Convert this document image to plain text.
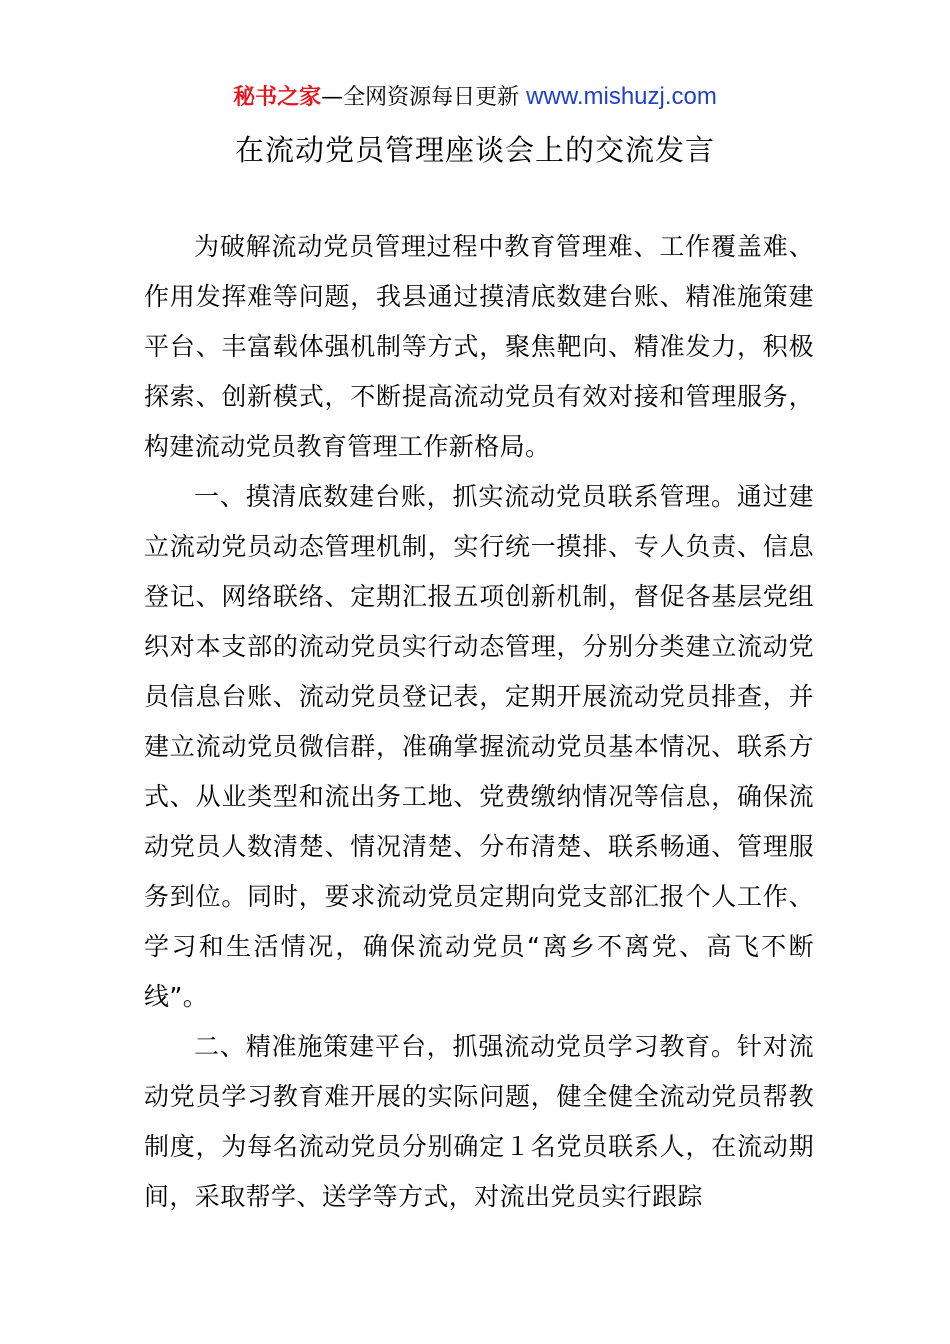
秘书之家—全网资源每日更新 www.mishuzj.com
在流动党员管理座谈会上的交流发言

为破解流动党员管理过程中教育管理难、工作覆盖难、作用发挥难等问题，我县通过摸清底数建台账、精准施策建平台、丰富载体强机制等方式，聚焦靶向、精准发力，积极探索、创新模式，不断提高流动党员有效对接和管理服务，构建流动党员教育管理工作新格局。

一、摸清底数建台账，抓实流动党员联系管理。通过建立流动党员动态管理机制，实行统一摸排、专人负责、信息登记、网络联络、定期汇报五项创新机制，督促各基层党组织对本支部的流动党员实行动态管理，分别分类建立流动党员信息台账、流动党员登记表，定期开展流动党员排查，并建立流动党员微信群，准确掌握流动党员基本情况、联系方式、从业类型和流出务工地、党费缴纳情况等信息，确保流动党员人数清楚、情况清楚、分布清楚、联系畅通、管理服务到位。同时，要求流动党员定期向党支部汇报个人工作、学习和生活情况，确保流动党员“离乡不离党、高飞不断线”。

二、精准施策建平台，抓强流动党员学习教育。针对流动党员学习教育难开展的实际问题，健全健全流动党员帮教制度，为每名流动党员分别确定１名党员联系人，在流动期间，采取帮学、送学等方式，对流出党员实行跟踪
